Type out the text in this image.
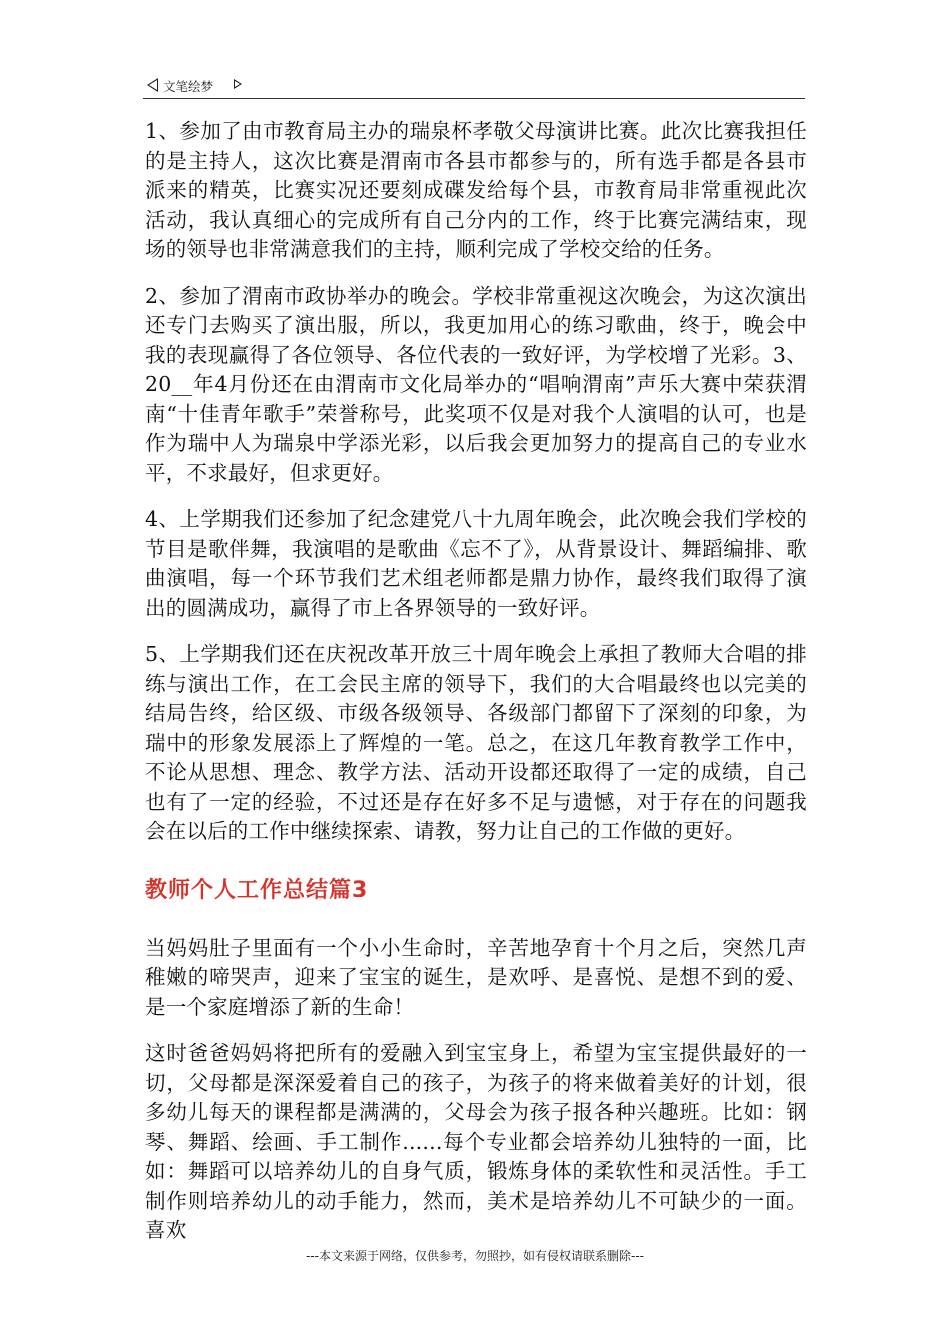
文笔绘梦

1、参加了由市教育局主办的瑞泉杯孝敬父母演讲比赛。此次比赛我担任的是主持人，这次比赛是渭南市各县市都参与的，所有选手都是各县市派来的精英，比赛实况还要刻成碟发给每个县，市教育局非常重视此次活动，我认真细心的完成所有自己分内的工作，终于比赛完满结束，现场的领导也非常满意我们的主持，顺利完成了学校交给的任务。

2、参加了渭南市政协举办的晚会。学校非常重视这次晚会，为这次演出还专门去购买了演出服，所以，我更加用心的练习歌曲，终于，晚会中我的表现赢得了各位领导、各位代表的一致好评，为学校增了光彩。3、20__年4月份还在由渭南市文化局举办的“唱响渭南”声乐大赛中荣获渭南“十佳青年歌手”荣誉称号，此奖项不仅是对我个人演唱的认可，也是作为瑞中人为瑞泉中学添光彩，以后我会更加努力的提高自己的专业水平，不求最好，但求更好。

4、上学期我们还参加了纪念建党八十九周年晚会，此次晚会我们学校的节目是歌伴舞，我演唱的是歌曲《忘不了》，从背景设计、舞蹈编排、歌曲演唱，每一个环节我们艺术组老师都是鼎力协作，最终我们取得了演出的圆满成功，赢得了市上各界领导的一致好评。

5、上学期我们还在庆祝改革开放三十周年晚会上承担了教师大合唱的排练与演出工作，在工会民主席的领导下，我们的大合唱最终也以完美的结局告终，给区级、市级各级领导、各级部门都留下了深刻的印象，为瑞中的形象发展添上了辉煌的一笔。总之，在这几年教育教学工作中，不论从思想、理念、教学方法、活动开设都还取得了一定的成绩，自己也有了一定的经验，不过还是存在好多不足与遗憾，对于存在的问题我会在以后的工作中继续探索、请教，努力让自己的工作做的更好。

教师个人工作总结篇3

当妈妈肚子里面有一个小小生命时，辛苦地孕育十个月之后，突然几声稚嫩的啼哭声，迎来了宝宝的诞生，是欢呼、是喜悦、是想不到的爱、是一个家庭增添了新的生命！

这时爸爸妈妈将把所有的爱融入到宝宝身上，希望为宝宝提供最好的一切，父母都是深深爱着自己的孩子，为孩子的将来做着美好的计划，很多幼儿每天的课程都是满满的，父母会为孩子报各种兴趣班。比如：钢琴、舞蹈、绘画、手工制作......每个专业都会培养幼儿独特的一面，比如：舞蹈可以培养幼儿的自身气质，锻炼身体的柔软性和灵活性。手工制作则培养幼儿的动手能力，然而，美术是培养幼儿不可缺少的一面。喜欢

---本文来源于网络，仅供参考，勿照抄，如有侵权请联系删除---
